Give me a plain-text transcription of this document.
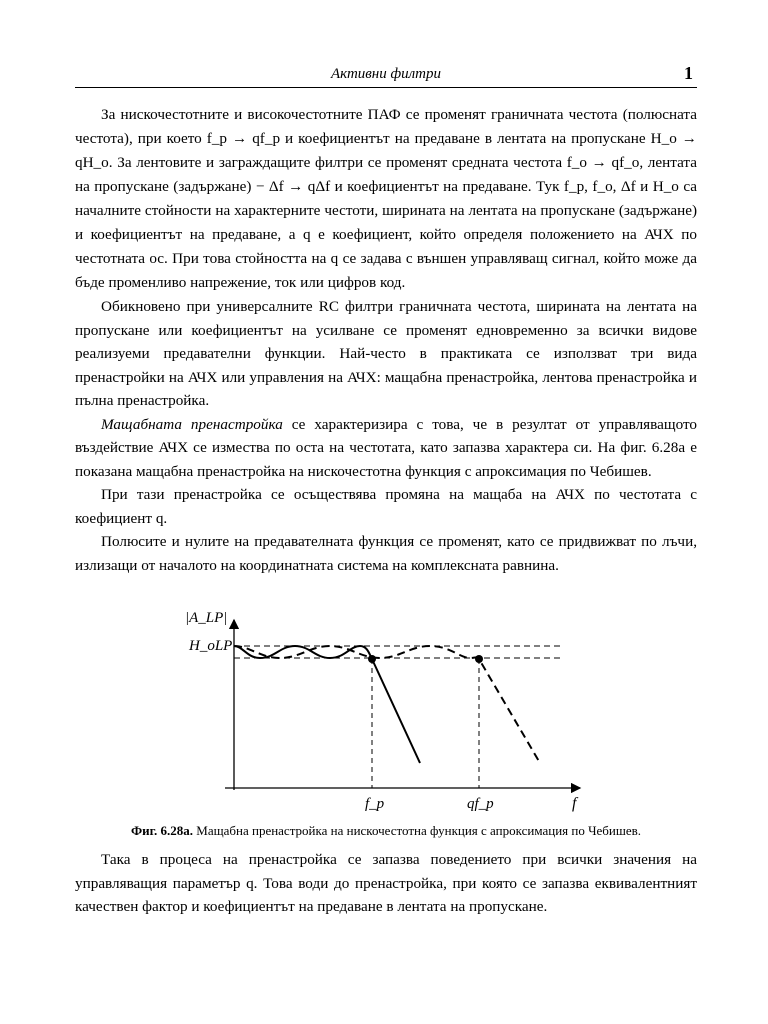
Активни филтри	1

За нискочестотните и високочестотните ПАФ се променят граничната честота (полюсната честота), при което f_p → qf_p и коефициентът на предаване в лентата на пропускане H_o → qH_o. За лентовите и заграждащите филтри се променят средната честота f_o → qf_o, лентата на пропускане (задържане) − Δf → qΔf и коефициентът на предаване. Тук f_p, f_o, Δf и H_o са началните стойности на характерните честоти, ширината на лентата на пропускане (задържане) и коефициентът на предаване, а q е коефициент, който определя положението на АЧХ по честотната ос. При това стойността на q се задава с външен управляващ сигнал, който може да бъде променливо напрежение, ток или цифров код.

Обикновено при универсалните RC филтри граничната честота, ширината на лентата на пропускане или коефициентът на усилване се променят едновременно за всички видове реализуеми предавателни функции. Най-често в практиката се използват три вида пренастройки на АЧХ или управления на АЧХ: мащабна пренастройка, лентова пренастройка и пълна пренастройка.

Мащабната пренастройка се характеризира с това, че в резултат от управляващото въздействие АЧХ се измества по оста на честотата, като запазва характера си. На фиг. 6.28а е показана мащабна пренастройка на нискочестотна функция с апроксимация по Чебишев.

При тази пренастройка се осъществява промяна на мащаба на АЧХ по честотата с коефициент q.

Полюсите и нулите на предавателната функция се променят, като се придвижват по лъчи, излизащи от началото на координатната система на комплексната равнина.

|A_LP|
H_oLP
f_p	qf_p	f
Фиг. 6.28а. Мащабна пренастройка на нискочестотна функция с апроксимация по Чебишев.

Така в процеса на пренастройка се запазва поведението при всички значения на управляващия параметър q. Това води до пренастройка, при която се запазва еквивалентният качествен фактор и коефициентът на предаване в лентата на пропускане.
